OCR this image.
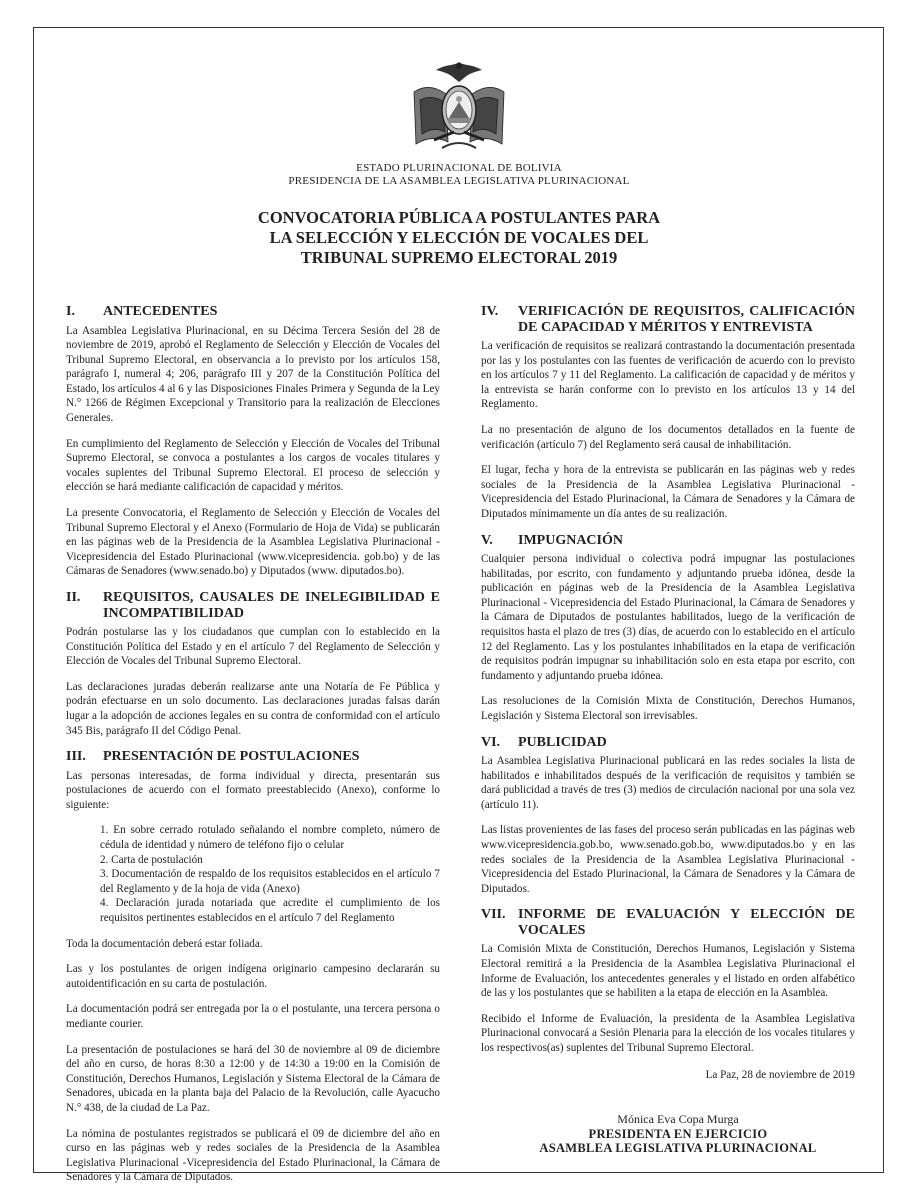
ESTADO PLURINACIONAL DE BOLIVIA
PRESIDENCIA DE LA ASAMBLEA LEGISLATIVA PLURINACIONAL
CONVOCATORIA PÚBLICA A POSTULANTES PARA
LA SELECCIÓN Y ELECCIÓN DE VOCALES DEL
TRIBUNAL SUPREMO ELECTORAL 2019
I.	ANTECEDENTES

La Asamblea Legislativa Plurinacional, en su Décima Tercera Sesión del 28 de noviembre de 2019, aprobó el Reglamento de Selección y Elección de Vocales del Tribunal Supremo Electoral, en observancia a lo previsto por los artículos 158, parágrafo I, numeral 4; 206, parágrafo III y 207 de la Constitución Política del Estado, los artículos 4 al 6 y las Disposiciones Finales Primera y Segunda de la Ley N.° 1266 de Régimen Excepcional y Transitorio para la realización de Elecciones Generales.

En cumplimiento del Reglamento de Selección y Elección de Vocales del Tribunal Supremo Electoral, se convoca a postulantes a los cargos de vocales titulares y vocales suplentes del Tribunal Supremo Electoral. El proceso de selección y elección se hará mediante calificación de capacidad y méritos.

La presente Convocatoria, el Reglamento de Selección y Elección de Vocales del Tribunal Supremo Electoral y el Anexo (Formulario de Hoja de Vida) se publicarán en las páginas web de la Presidencia de la Asamblea Legislativa Plurinacional -Vicepresidencia del Estado Plurinacional (www.vicepresidencia. gob.bo) y de las Cámaras de Senadores (www.senado.bo) y Diputados (www. diputados.bo).

II.	REQUISITOS, CAUSALES DE INELEGIBILIDAD E INCOMPATIBILIDAD

Podrán postularse las y los ciudadanos que cumplan con lo establecido en la Constitución Política del Estado y en el artículo 7 del Reglamento de Selección y Elección de Vocales del Tribunal Supremo Electoral.

Las declaraciones juradas deberán realizarse ante una Notaría de Fe Pública y podrán efectuarse en un solo documento. Las declaraciones juradas falsas darán lugar a la adopción de acciones legales en su contra de conformidad con el artículo 345 Bis, parágrafo II del Código Penal.

III.	PRESENTACIÓN DE POSTULACIONES

Las personas interesadas, de forma individual y directa, presentarán sus postulaciones de acuerdo con el formato preestablecido (Anexo), conforme lo siguiente:

1. En sobre cerrado rotulado señalando el nombre completo, número de cédula de identidad y número de teléfono fijo o celular
2. Carta de postulación
3. Documentación de respaldo de los requisitos establecidos en el artículo 7 del Reglamento y de la hoja de vida (Anexo)
4. Declaración jurada notariada que acredite el cumplimiento de los requisitos pertinentes establecidos en el artículo 7 del Reglamento

Toda la documentación deberá estar foliada.

Las y los postulantes de origen indígena originario campesino declararán su autoidentificación en su carta de postulación.

La documentación podrá ser entregada por la o el postulante, una tercera persona o mediante courier.

La presentación de postulaciones se hará del 30 de noviembre al 09 de diciembre del año en curso, de horas 8:30 a 12:00 y de 14:30 a 19:00 en la Comisión de Constitución, Derechos Humanos, Legislación y Sistema Electoral de la Cámara de Senadores, ubicada en la planta baja del Palacio de la Revolución, calle Ayacucho N.° 438, de la ciudad de La Paz.

La nómina de postulantes registrados se publicará el 09 de diciembre del año en curso en las páginas web y redes sociales de la Presidencia de la Asamblea Legislativa Plurinacional -Vicepresidencia del Estado Plurinacional, la Cámara de Senadores y la Cámara de Diputados.

IV.	VERIFICACIÓN DE REQUISITOS, CALIFICACIÓN DE CAPACIDAD Y MÉRITOS Y ENTREVISTA

La verificación de requisitos se realizará contrastando la documentación presentada por las y los postulantes con las fuentes de verificación de acuerdo con lo previsto en los artículos 7 y 11 del Reglamento. La calificación de capacidad y de méritos y la entrevista se harán conforme con lo previsto en los artículos 13 y 14 del Reglamento.

La no presentación de alguno de los documentos detallados en la fuente de verificación (artículo 7) del Reglamento será causal de inhabilitación.

El lugar, fecha y hora de la entrevista se publicarán en las páginas web y redes sociales de la Presidencia de la Asamblea Legislativa Plurinacional - Vicepresidencia del Estado Plurinacional, la Cámara de Senadores y la Cámara de Diputados mínimamente un día antes de su realización.

V.	IMPUGNACIÓN

Cualquier persona individual o colectiva podrá impugnar las postulaciones habilitadas, por escrito, con fundamento y adjuntando prueba idónea, desde la publicación en páginas web de la Presidencia de la Asamblea Legislativa Plurinacional - Vicepresidencia del Estado Plurinacional, la Cámara de Senadores y la Cámara de Diputados de postulantes habilitados, luego de la verificación de requisitos hasta el plazo de tres (3) días, de acuerdo con lo establecido en el artículo 12 del Reglamento. Las y los postulantes inhabilitados en la etapa de verificación de requisitos podrán impugnar su inhabilitación solo en esta etapa por escrito, con fundamento y adjuntando prueba idónea.

Las resoluciones de la Comisión Mixta de Constitución, Derechos Humanos, Legislación y Sistema Electoral son irrevisables.

VI.	PUBLICIDAD

La Asamblea Legislativa Plurinacional publicará en las redes sociales la lista de habilitados e inhabilitados después de la verificación de requisitos y también se dará publicidad a través de tres (3) medios de circulación nacional por una sola vez (artículo 11).

Las listas provenientes de las fases del proceso serán publicadas en las páginas web www.vicepresidencia.gob.bo, www.senado.gob.bo, www.diputados.bo y en las redes sociales de la Presidencia de la Asamblea Legislativa Plurinacional - Vicepresidencia del Estado Plurinacional, la Cámara de Senadores y la Cámara de Diputados.

VII. INFORME DE EVALUACIÓN Y ELECCIÓN DE VOCALES

La Comisión Mixta de Constitución, Derechos Humanos, Legislación y Sistema Electoral remitirá a la Presidencia de la Asamblea Legislativa Plurinacional el Informe de Evaluación, los antecedentes generales y el listado en orden alfabético de las y los postulantes que se habiliten a la etapa de elección en la Asamblea.

Recibido el Informe de Evaluación, la presidenta de la Asamblea Legislativa Plurinacional convocará a Sesión Plenaria para la elección de los vocales titulares y los respectivos(as) suplentes del Tribunal Supremo Electoral.

La Paz, 28 de noviembre de 2019
Mónica Eva Copa Murga
PRESIDENTA EN EJERCICIO
ASAMBLEA LEGISLATIVA PLURINACIONAL
